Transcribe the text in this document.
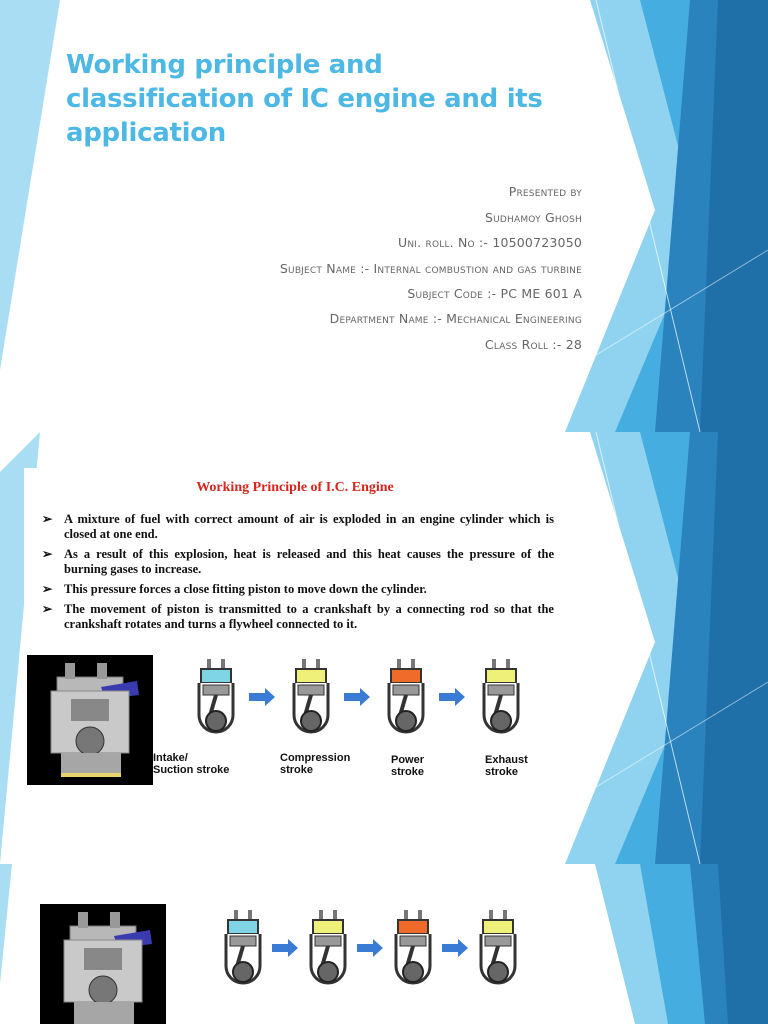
Working principle and
classification of IC engine and its
application
Presented by
Sudhamoy Ghosh
Uni. roll. No :- 10500723050
Subject Name :- Internal combustion and gas turbine
Subject Code :- PC ME 601 A
Department Name :- Mechanical Engineering
Class Roll :- 28
Working Principle of I.C. Engine
➢ A mixture of fuel with correct amount of air is exploded in an engine cylinder which is closed at one end.
➢ As a result of this explosion, heat is released and this heat causes the pressure of the burning gases to increase.
➢ This pressure forces a close fitting piston to move down the cylinder.
➢ The movement of piston is transmitted to a crankshaft by a connecting rod so that the crankshaft rotates and turns a flywheel connected to it.
Intake/
Suction stroke
Compression
stroke
Power
stroke
Exhaust
stroke
